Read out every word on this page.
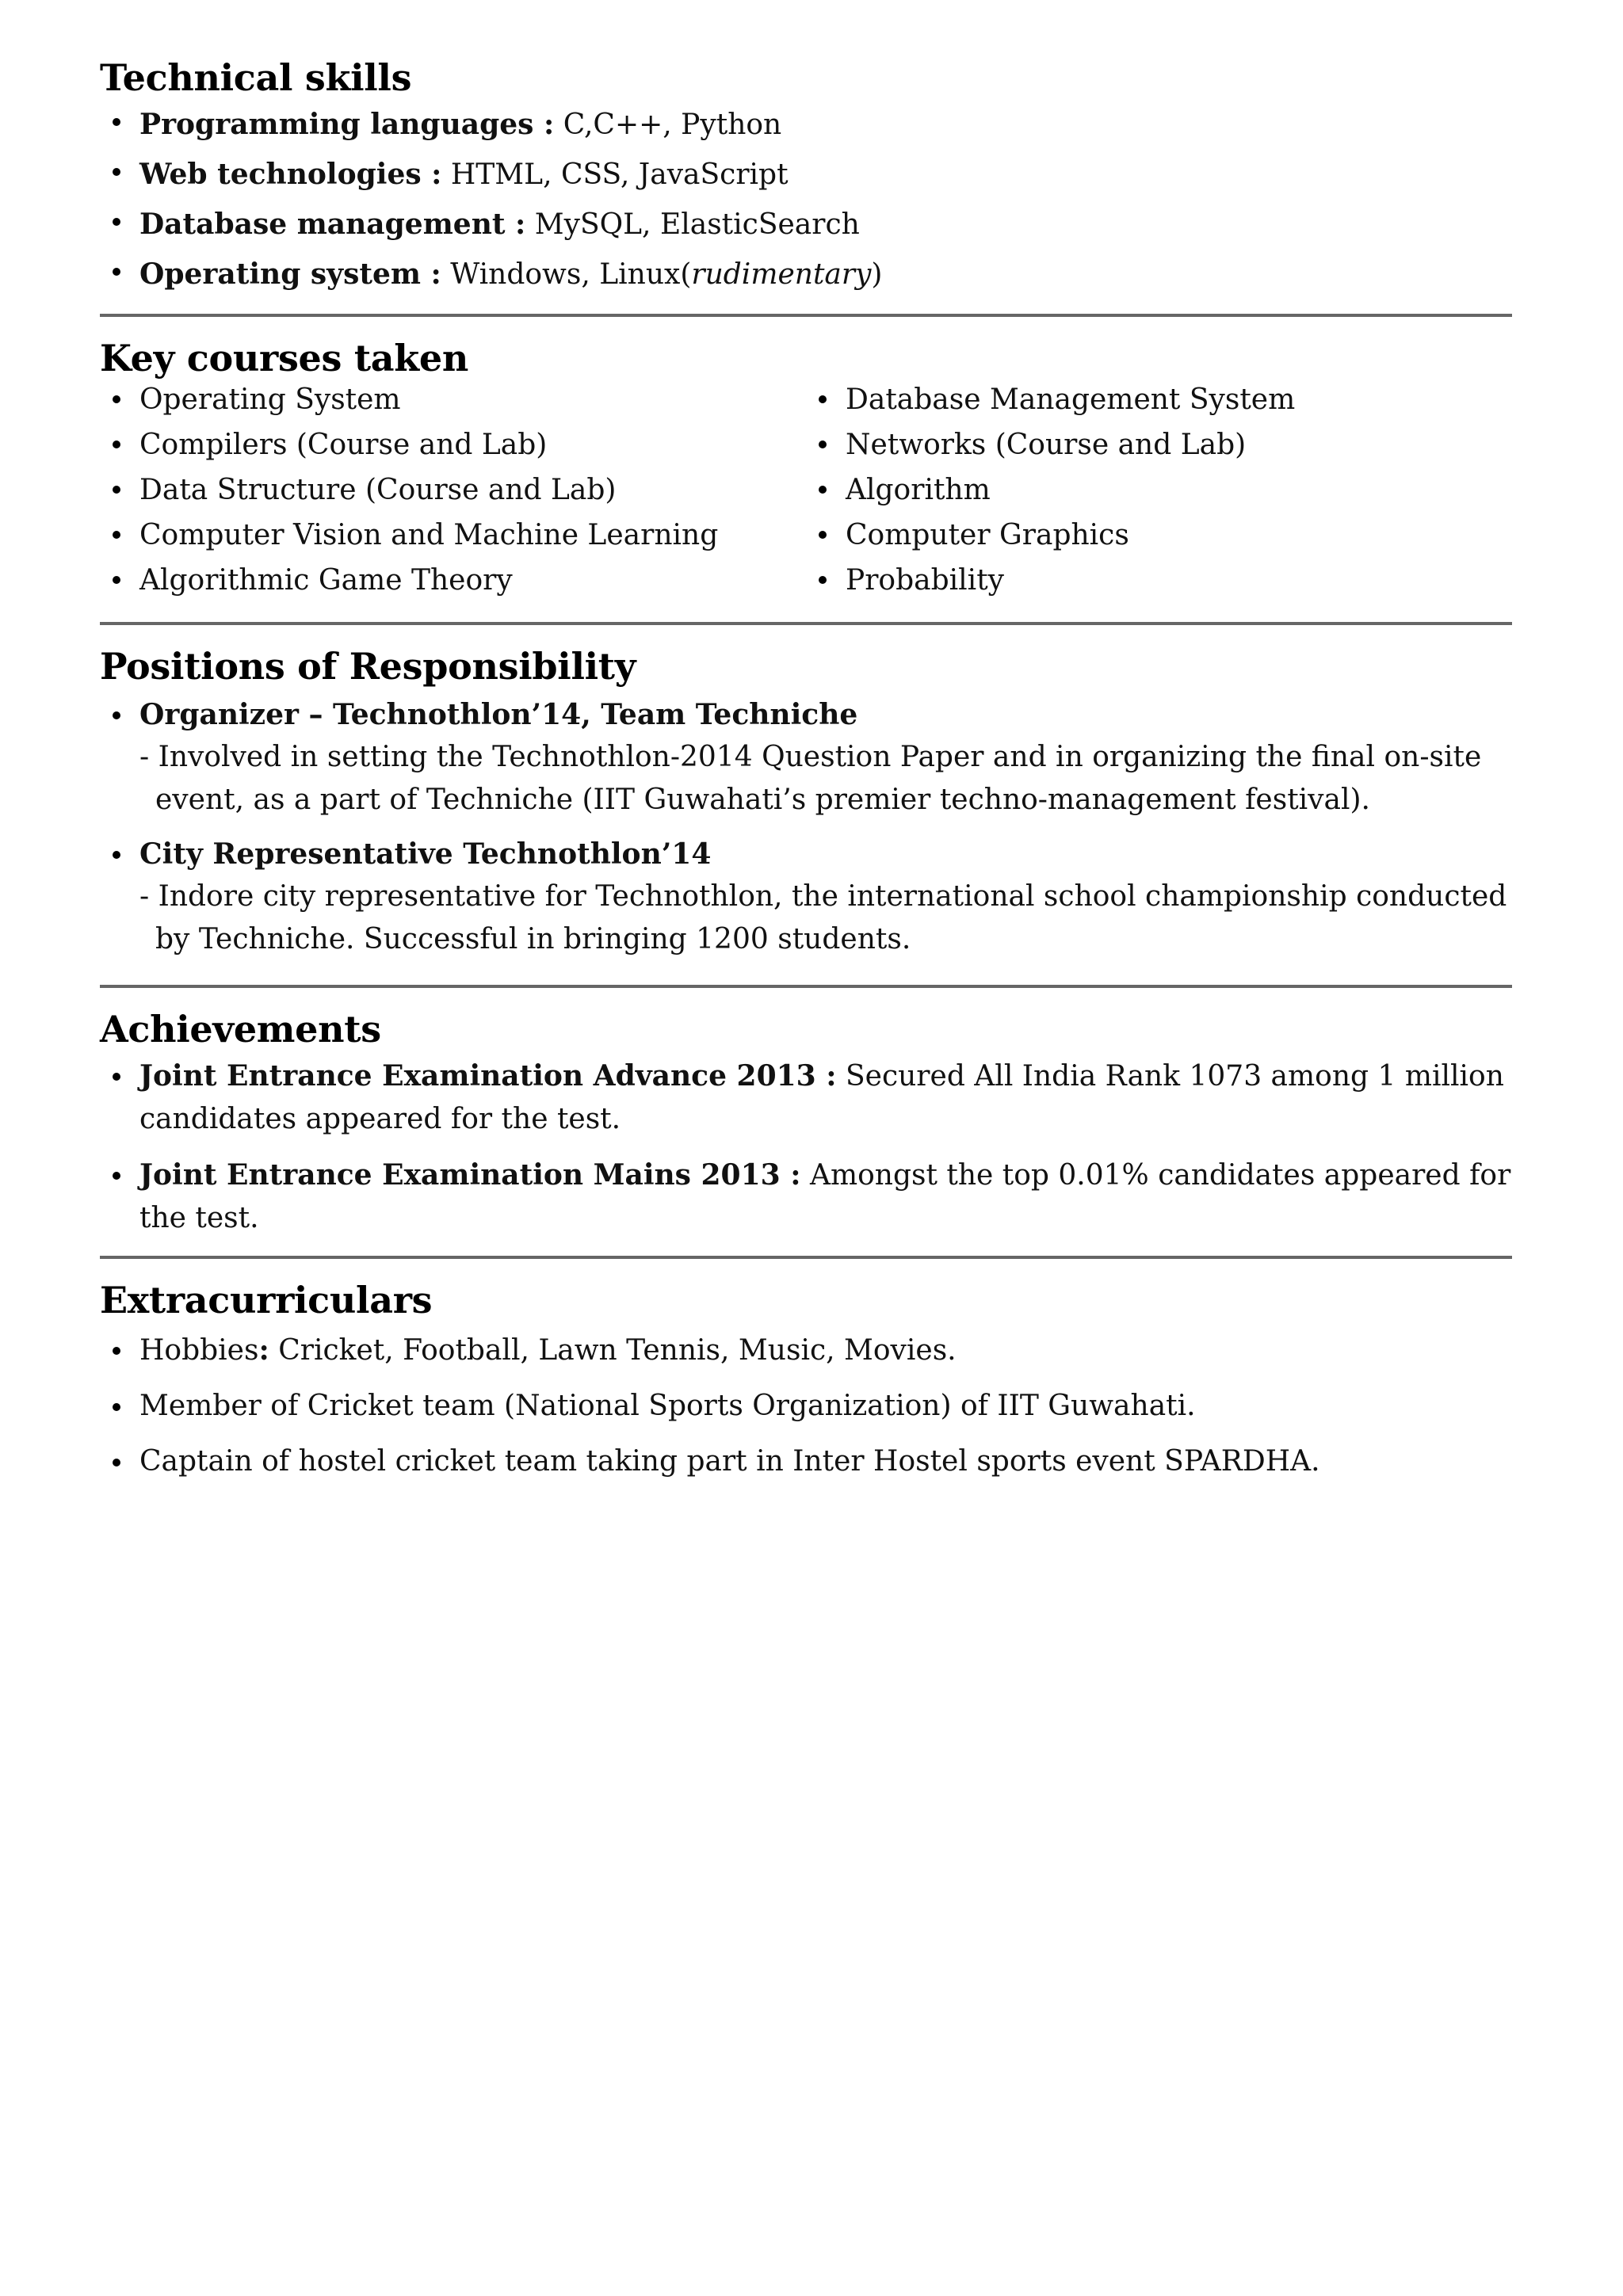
Technical skills
Programming languages : C,C++, Python
Web technologies : HTML, CSS, JavaScript
Database management : MySQL, ElasticSearch
Operating system : Windows, Linux(rudimentary)
Key courses taken
Operating System
Compilers (Course and Lab)
Data Structure (Course and Lab)
Computer Vision and Machine Learning
Algorithmic Game Theory
Database Management System
Networks (Course and Lab)
Algorithm
Computer Graphics
Probability
Positions of Responsibility
Organizer – Technothlon’14, Team Techniche
- Involved in setting the Technothlon-2014 Question Paper and in organizing the final on-site event, as a part of Techniche (IIT Guwahati’s premier techno-management festival).
City Representative Technothlon’14
- Indore city representative for Technothlon, the international school championship conducted by Techniche. Successful in bringing 1200 students.
Achievements
Joint Entrance Examination Advance 2013 : Secured All India Rank 1073 among 1 million candidates appeared for the test.
Joint Entrance Examination Mains 2013 : Amongst the top 0.01% candidates appeared for the test.
Extracurriculars
Hobbies: Cricket, Football, Lawn Tennis, Music, Movies.
Member of Cricket team (National Sports Organization) of IIT Guwahati.
Captain of hostel cricket team taking part in Inter Hostel sports event SPARDHA.
